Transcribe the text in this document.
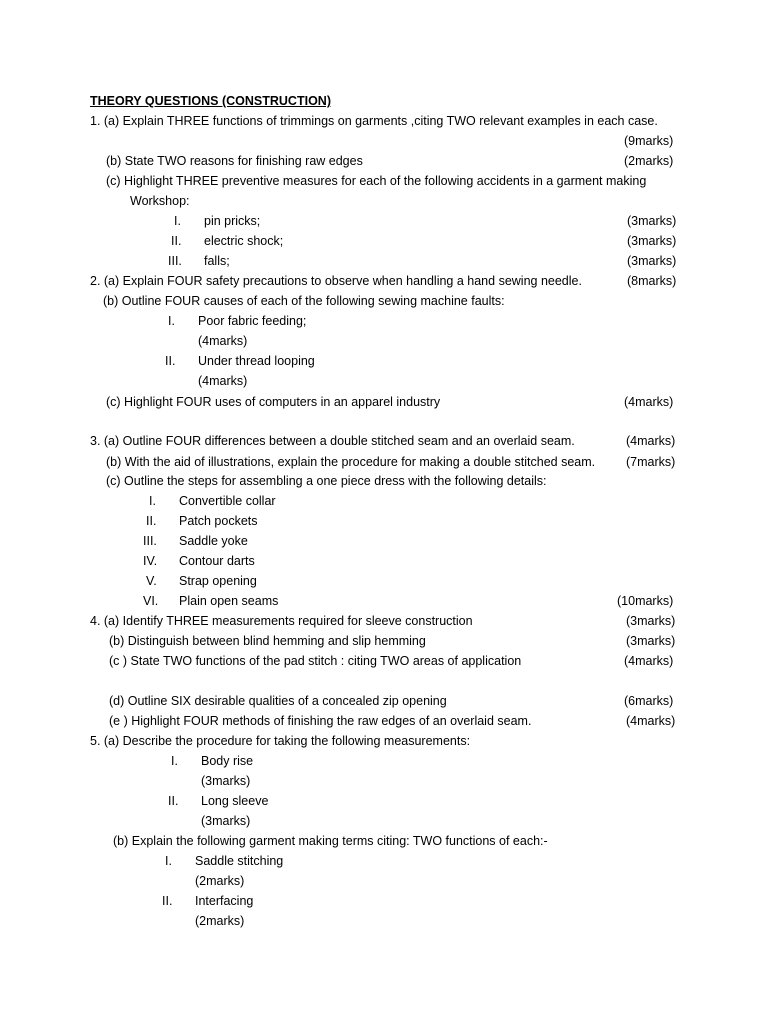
THEORY QUESTIONS (CONSTRUCTION)
1. (a) Explain THREE functions of trimmings on garments ,citing TWO relevant examples in each case.
(9marks)
(b) State TWO reasons for finishing raw edges	(2marks)
(c) Highlight THREE preventive measures for each of the following accidents in a garment making
Workshop:
I. pin pricks;	(3marks)
II. electric shock;	(3marks)
III. falls;	(3marks)
2. (a) Explain FOUR safety precautions to observe when handling a hand sewing needle.	(8marks)
(b) Outline FOUR causes of each of the following sewing machine faults:
I. Poor fabric feeding;
(4marks)
II. Under thread looping
(4marks)
(c) Highlight FOUR uses of computers in an apparel industry	(4marks)
3. (a) Outline FOUR differences between a double stitched seam and an overlaid seam.	(4marks)
(b) With the aid of illustrations, explain the procedure for making a double stitched seam. (7marks)
(c) Outline the steps for assembling a one piece dress with the following details:
I. Convertible collar
II. Patch pockets
III. Saddle yoke
IV. Contour darts
V. Strap opening
VI. Plain open seams	(10marks)
4. (a) Identify THREE measurements required for sleeve construction	(3marks)
(b) Distinguish between blind hemming and slip hemming	(3marks)
(c ) State TWO functions of the pad stitch : citing TWO areas of application	(4marks)
(d) Outline SIX desirable qualities of a concealed zip opening	(6marks)
(e ) Highlight FOUR methods of finishing the raw edges of an overlaid seam.	(4marks)
5. (a) Describe the procedure for taking the following measurements:
I. Body rise
(3marks)
II. Long sleeve
(3marks)
(b) Explain the following garment making terms citing: TWO functions of each:-
I. Saddle stitching
(2marks)
II. Interfacing
(2marks)
